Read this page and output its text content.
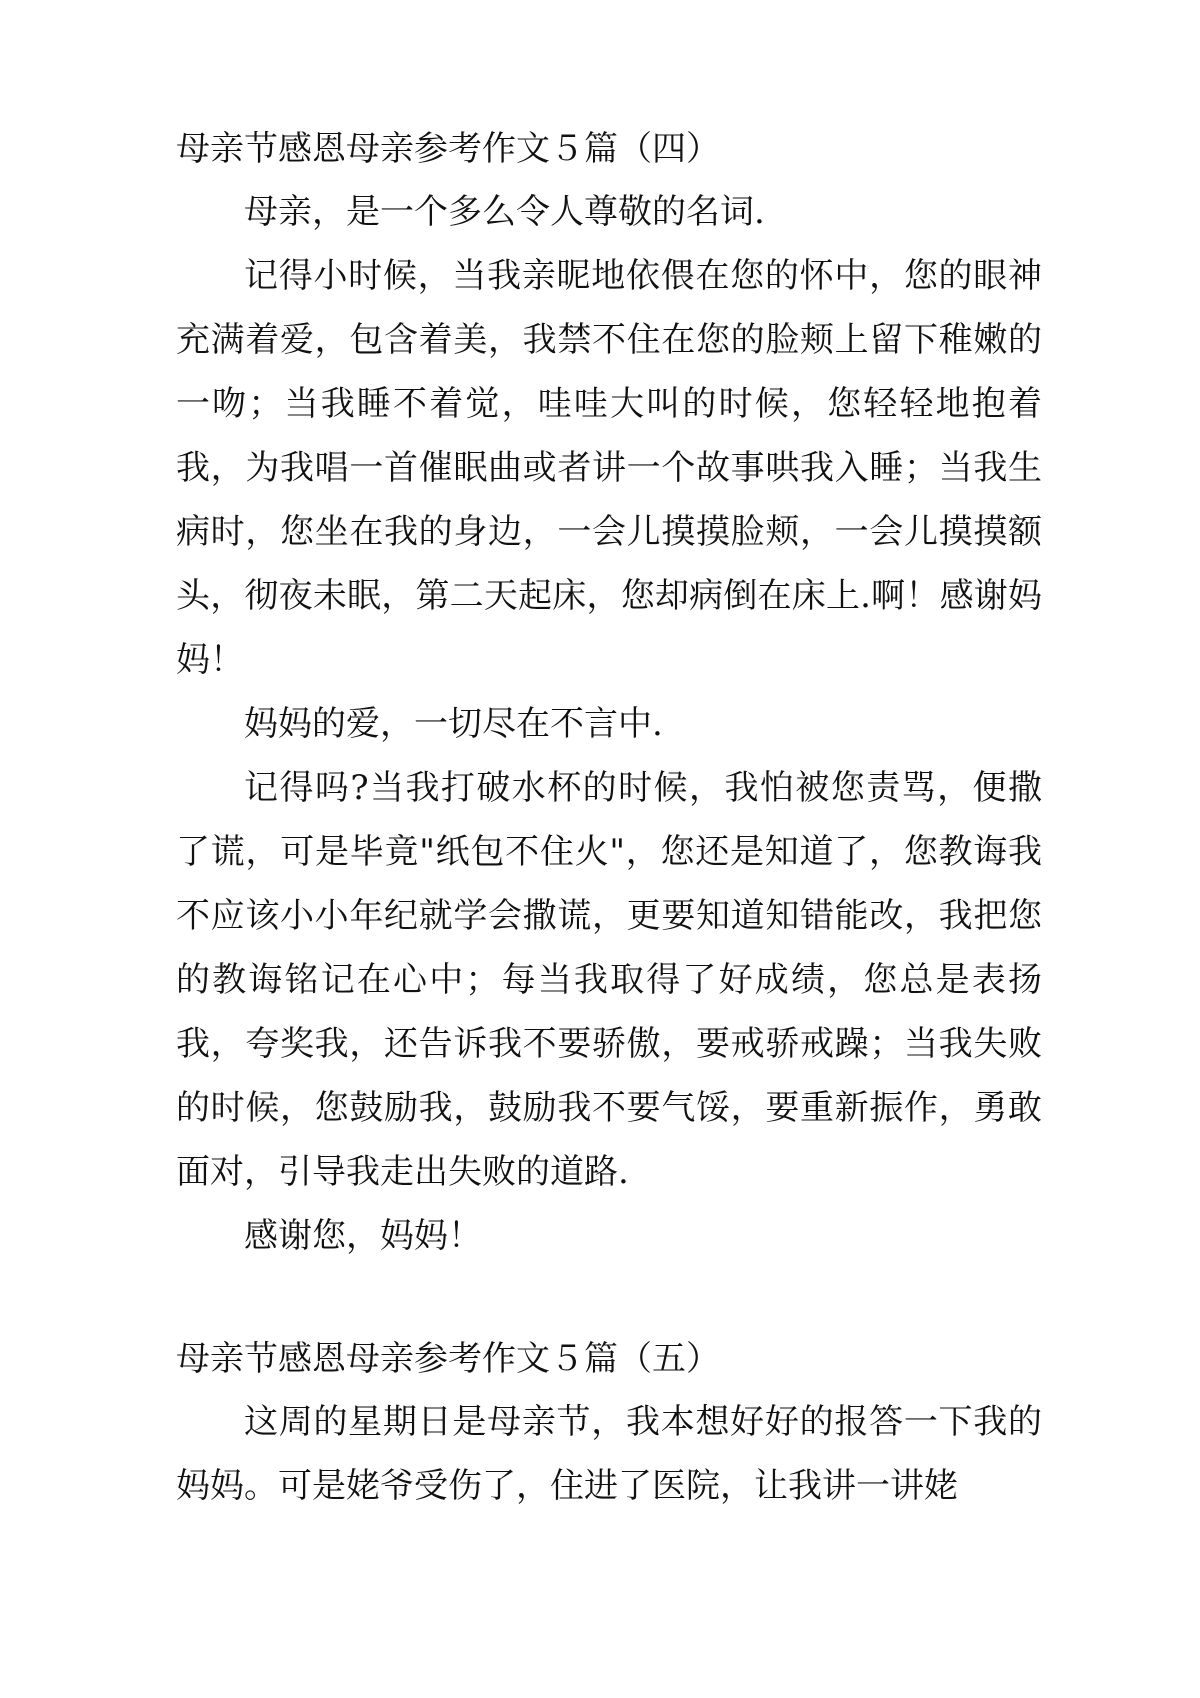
母亲节感恩母亲参考作文５篇（四）

母亲，是一个多么令人尊敬的名词.

记得小时候，当我亲昵地依偎在您的怀中，您的眼神充满着爱，包含着美，我禁不住在您的脸颊上留下稚嫩的一吻；当我睡不着觉，哇哇大叫的时候，您轻轻地抱着我，为我唱一首催眠曲或者讲一个故事哄我入睡；当我生病时，您坐在我的身边，一会儿摸摸脸颊，一会儿摸摸额头，彻夜未眠，第二天起床，您却病倒在床上.啊！感谢妈妈！

妈妈的爱，一切尽在不言中.

记得吗?当我打破水杯的时候，我怕被您责骂，便撒了谎，可是毕竟"纸包不住火"，您还是知道了，您教诲我不应该小小年纪就学会撒谎，更要知道知错能改，我把您的教诲铭记在心中；每当我取得了好成绩，您总是表扬我，夸奖我，还告诉我不要骄傲，要戒骄戒躁；当我失败的时候，您鼓励我，鼓励我不要气馁，要重新振作，勇敢面对，引导我走出失败的道路.

感谢您，妈妈！

母亲节感恩母亲参考作文５篇（五）

这周的星期日是母亲节，我本想好好的报答一下我的妈妈。可是姥爷受伤了，住进了医院，让我讲一讲姥
